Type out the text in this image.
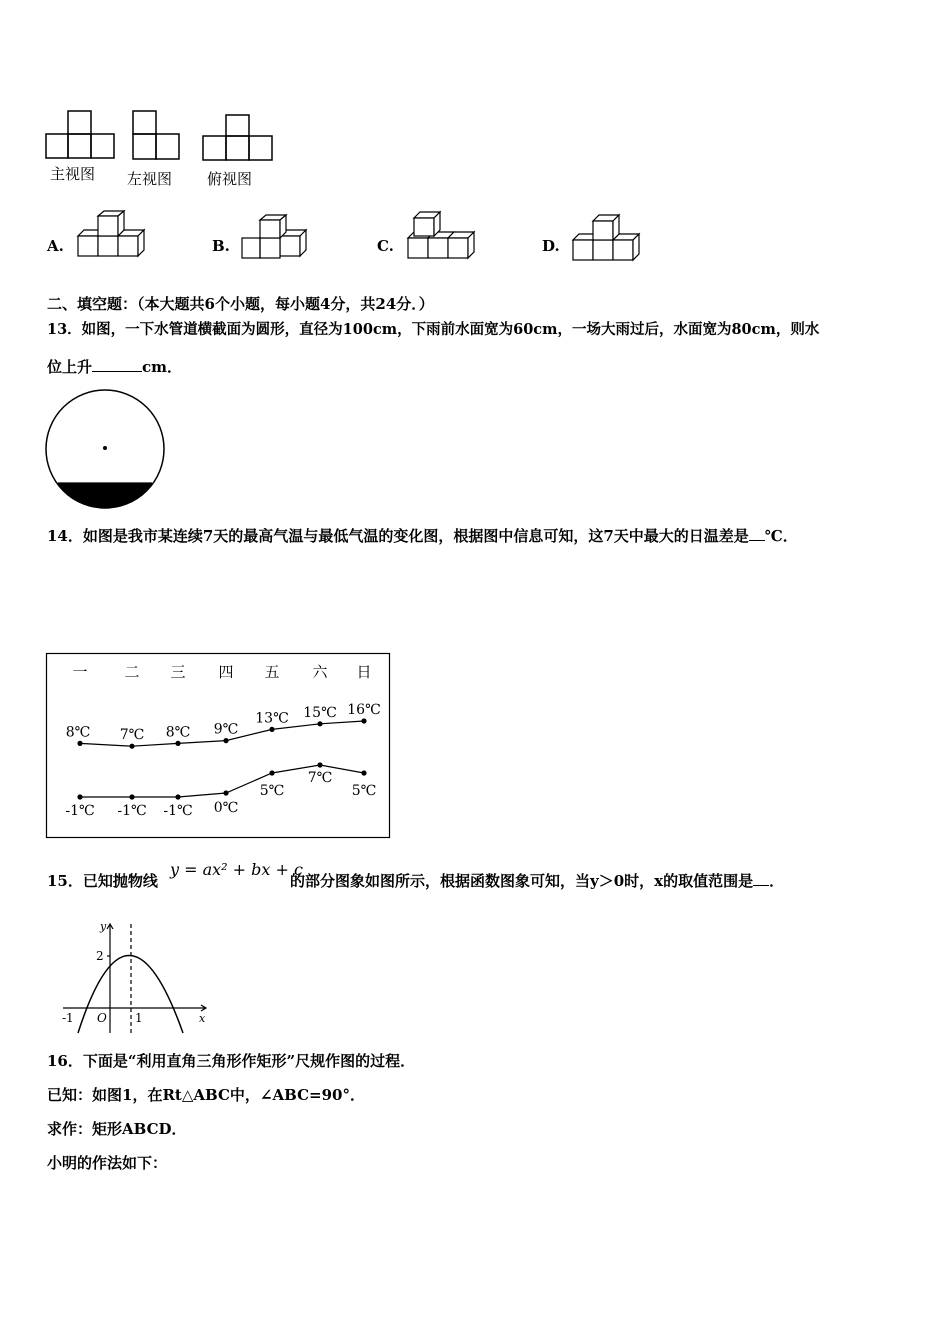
主视图 左视图 俯视图
A.	B.	C.	D.
二、填空题：（本大题共6个小题，每小题4分，共24分．）
13．如图，一下水管道横截面为圆形，直径为100cm，下雨前水面宽为60cm，一场大雨过后，水面宽为80cm，则水
位上升	cm．
14．如图是我市某连续7天的最高气温与最低气温的变化图，根据图中信息可知，这7天中最大的日温差是 ℃．
一 二 三 四 五 六 日
8℃ 7℃ 8℃ 9℃
13℃ 15℃ 16℃
-1℃ -1℃ -1℃ 0℃
5℃
7℃
5℃
15．已知抛物线
y = ax² + bx + c
的部分图象如图所示，根据函数图象可知，当y＞0时，x的取值范围是 ．
y
x
2
-1 O 1
16．下面是“利用直角三角形作矩形”尺规作图的过程．
已知：如图1，在Rt△ABC中，∠ABC=90°．
求作：矩形ABCD．
小明的作法如下：
